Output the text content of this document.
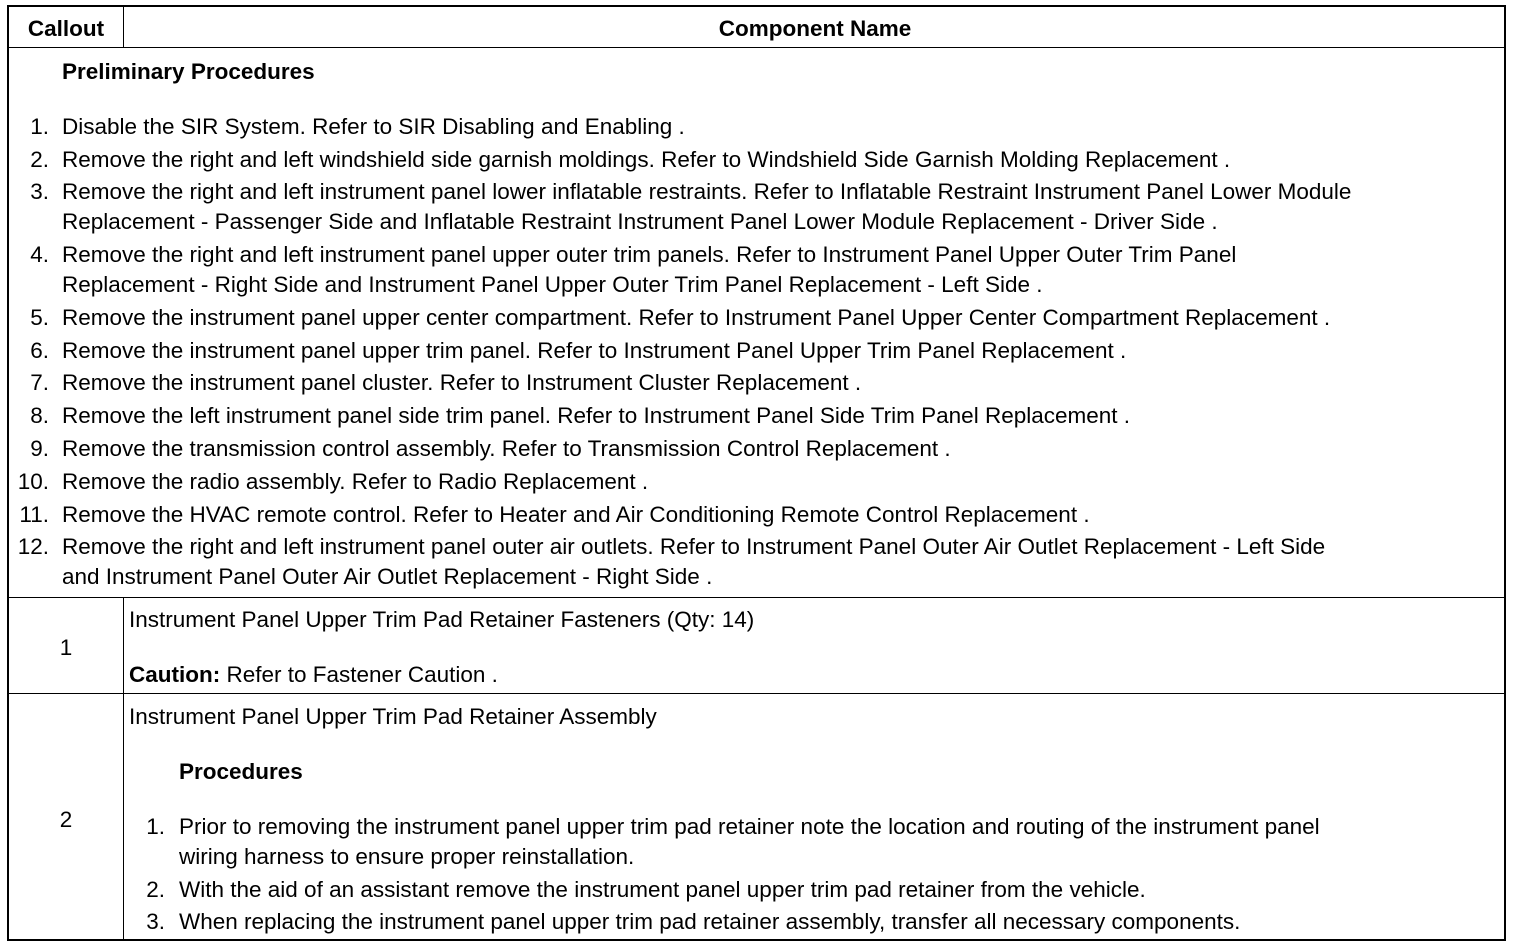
Callout	Component Name
Preliminary Procedures
1. Disable the SIR System. Refer to SIR Disabling and Enabling .
2. Remove the right and left windshield side garnish moldings. Refer to Windshield Side Garnish Molding Replacement .
3. Remove the right and left instrument panel lower inflatable restraints. Refer to Inflatable Restraint Instrument Panel Lower Module
Replacement - Passenger Side and Inflatable Restraint Instrument Panel Lower Module Replacement - Driver Side .
4. Remove the right and left instrument panel upper outer trim panels. Refer to Instrument Panel Upper Outer Trim Panel
Replacement - Right Side and Instrument Panel Upper Outer Trim Panel Replacement - Left Side .
5. Remove the instrument panel upper center compartment. Refer to Instrument Panel Upper Center Compartment Replacement .
6. Remove the instrument panel upper trim panel. Refer to Instrument Panel Upper Trim Panel Replacement .
7. Remove the instrument panel cluster. Refer to Instrument Cluster Replacement .
8. Remove the left instrument panel side trim panel. Refer to Instrument Panel Side Trim Panel Replacement .
9. Remove the transmission control assembly. Refer to Transmission Control Replacement .
10. Remove the radio assembly. Refer to Radio Replacement .
11. Remove the HVAC remote control. Refer to Heater and Air Conditioning Remote Control Replacement .
12. Remove the right and left instrument panel outer air outlets. Refer to Instrument Panel Outer Air Outlet Replacement - Left Side
and Instrument Panel Outer Air Outlet Replacement - Right Side .
1
Instrument Panel Upper Trim Pad Retainer Fasteners (Qty: 14)
Caution: Refer to Fastener Caution .
2
Instrument Panel Upper Trim Pad Retainer Assembly
Procedures
1. Prior to removing the instrument panel upper trim pad retainer note the location and routing of the instrument panel
wiring harness to ensure proper reinstallation.
2. With the aid of an assistant remove the instrument panel upper trim pad retainer from the vehicle.
3. When replacing the instrument panel upper trim pad retainer assembly, transfer all necessary components.
